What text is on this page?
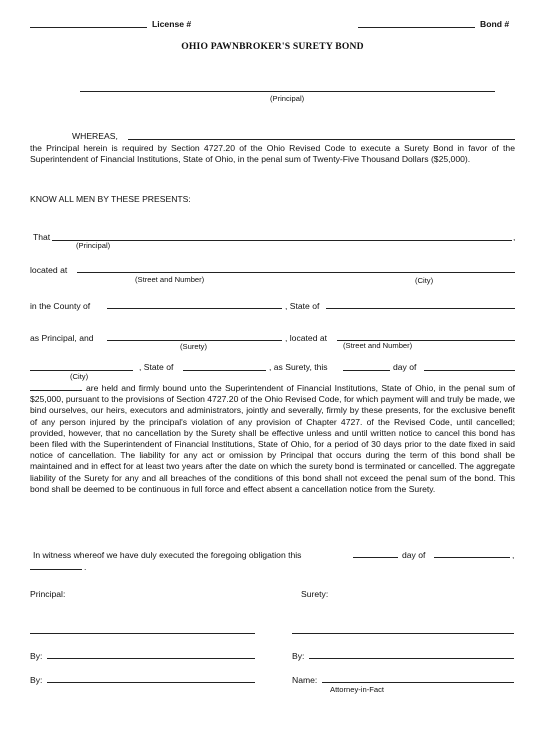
License #	Bond #
OHIO PAWNBROKER'S SURETY BOND
(Principal)
WHEREAS,
the Principal herein is required by Section 4727.20 of the Ohio Revised Code to execute a Surety Bond in favor of the Superintendent of Financial Institutions, State of Ohio, in the penal sum of Twenty-Five Thousand Dollars ($25,000).
KNOW ALL MEN BY THESE PRESENTS:
That	,
(Principal)
located at
(Street and Number)	(City)
in the County of	, State of
as Principal, and
(Surety)
, located at
(Street and Number)
, State of	, as Surety, this	day of
(City)
are held and firmly bound unto the Superintendent of Financial Institutions, State of Ohio, in the penal sum of $25,000, pursuant to the provisions of Section 4727.20 of the Ohio Revised Code, for which payment will and truly be made, we bind ourselves, our heirs, executors and administrators, jointly and severally, firmly by these presents, for the exclusive benefit of any person injured by the principal's violation of any provision of Chapter 4727. of the Revised Code, until cancelled; provided, however, that no cancellation by the Surety shall be effective unless and until written notice to cancel this bond has been filed with the Superintendent of Financial Institutions, State of Ohio, for a period of 30 days prior to the date fixed in said notice of cancellation. The liability for any act or omission by Principal that occurs during the term of this bond shall be maintained and in effect for at least two years after the date on which the surety bond is terminated or cancelled. The aggregate liability of the Surety for any and all breaches of the conditions of this bond shall not exceed the penal sum of the bond. This bond shall be deemed to be continuous in full force and effect absent a cancellation notice from the Surety.
In witness whereof we have duly executed the foregoing obligation this	day of	,
.
Principal:	Surety:
By:	By:
By:	Name:
Attorney-in-Fact
